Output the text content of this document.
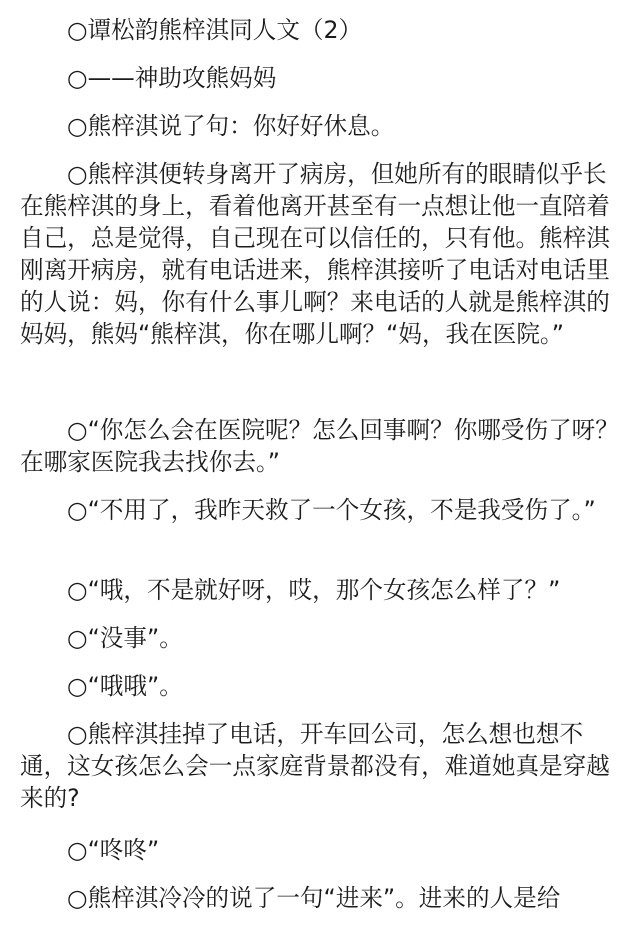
○谭松韵熊梓淇同人文（2）

○——神助攻熊妈妈

○熊梓淇说了句：你好好休息。

○熊梓淇便转身离开了病房，但她所有的眼睛似乎长在熊梓淇的身上，看着他离开甚至有一点想让他一直陪着自己，总是觉得，自己现在可以信任的，只有他。熊梓淇刚离开病房，就有电话进来，熊梓淇接听了电话对电话里的人说：妈，你有什么事儿啊？来电话的人就是熊梓淇的妈妈，熊妈“熊梓淇，你在哪儿啊？“妈，我在医院。”

○“你怎么会在医院呢？怎么回事啊？你哪受伤了呀？在哪家医院我去找你去。”

○“不用了，我昨天救了一个女孩，不是我受伤了。”

○“哦，不是就好呀，哎，那个女孩怎么样了？”

○“没事”。

○“哦哦”。

○熊梓淇挂掉了电话，开车回公司，怎么想也想不通，这女孩怎么会一点家庭背景都没有，难道她真是穿越来的?

○“咚咚”

○熊梓淇冷冷的说了一句“进来”。进来的人是给
